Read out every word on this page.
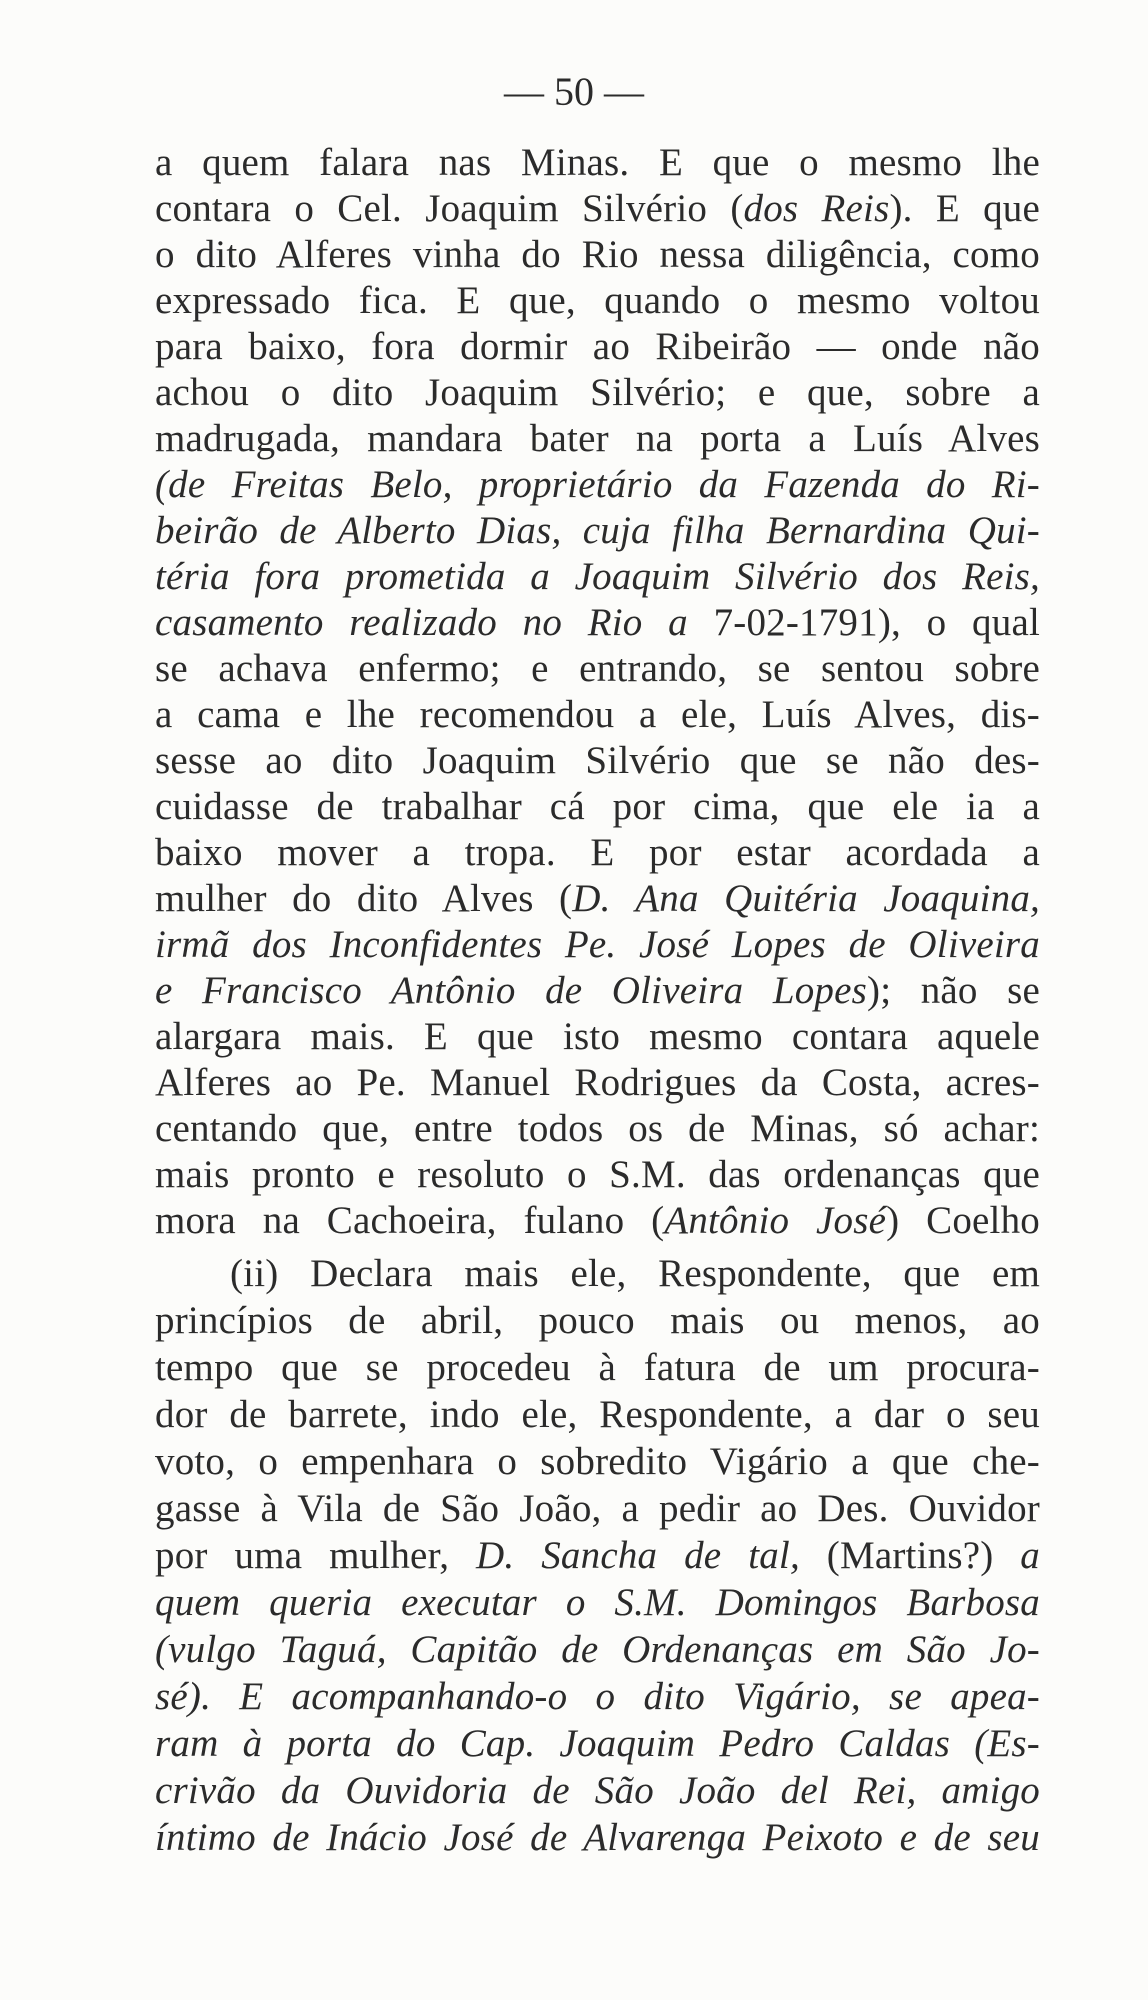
— 50 —
a quem falara nas Minas. E que o mesmo lhe
contara o Cel. Joaquim Silvério (dos Reis). E que
o dito Alferes vinha do Rio nessa diligência, como
expressado fica. E que, quando o mesmo voltou
para baixo, fora dormir ao Ribeirão — onde não
achou o dito Joaquim Silvério; e que, sobre a
madrugada, mandara bater na porta a Luís Alves
(de Freitas Belo, proprietário da Fazenda do Ri-
beirão de Alberto Dias, cuja filha Bernardina Qui-
téria fora prometida a Joaquim Silvério dos Reis,
casamento realizado no Rio a 7-02-1791), o qual
se achava enfermo; e entrando, se sentou sobre
a cama e lhe recomendou a ele, Luís Alves, dis-
sesse ao dito Joaquim Silvério que se não des-
cuidasse de trabalhar cá por cima, que ele ia a
baixo mover a tropa. E por estar acordada a
mulher do dito Alves (D. Ana Quitéria Joaquina,
irmã dos Inconfidentes Pe. José Lopes de Oliveira
e Francisco Antônio de Oliveira Lopes); não se
alargara mais. E que isto mesmo contara aquele
Alferes ao Pe. Manuel Rodrigues da Costa, acres-
centando que, entre todos os de Minas, só achar:
mais pronto e resoluto o S.M. das ordenanças que
mora na Cachoeira, fulano (Antônio José) Coelho
(ii) Declara mais ele, Respondente, que em
princípios de abril, pouco mais ou menos, ao
tempo que se procedeu à fatura de um procura-
dor de barrete, indo ele, Respondente, a dar o seu
voto, o empenhara o sobredito Vigário a que che-
gasse à Vila de São João, a pedir ao Des. Ouvidor
por uma mulher, D. Sancha de tal, (Martins?) a
quem queria executar o S.M. Domingos Barbosa
(vulgo Taguá, Capitão de Ordenanças em São Jo-
sé). E acompanhando-o o dito Vigário, se apea-
ram à porta do Cap. Joaquim Pedro Caldas (Es-
crivão da Ouvidoria de São João del Rei, amigo
íntimo de Inácio José de Alvarenga Peixoto e de seu
